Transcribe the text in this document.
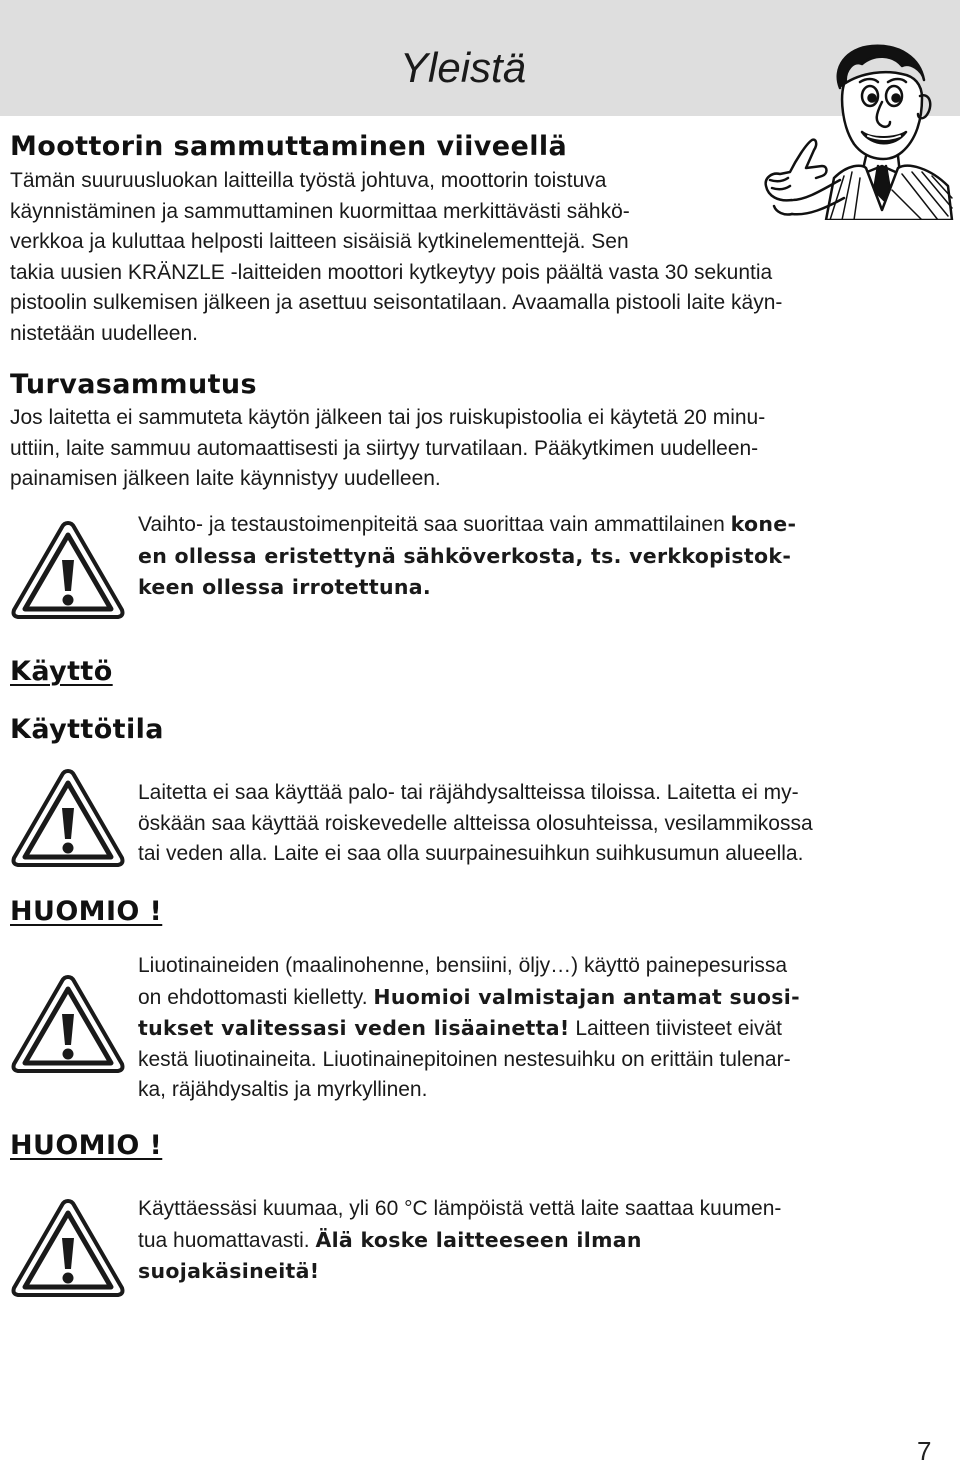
Yleistä
Moottorin sammuttaminen viiveellä
Tämän suuruusluokan laitteilla työstä johtuva, moottorin toistuva
käynnistäminen ja sammuttaminen kuormittaa merkittävästi sähkö-
verkkoa ja kuluttaa helposti laitteen sisäisiä kytkinelementtejä. Sen
takia uusien KRÄNZLE -laitteiden moottori kytkeytyy pois päältä vasta 30 sekuntia
pistoolin sulkemisen jälkeen ja asettuu seisontatilaan. Avaamalla pistooli laite käyn-
nistetään uudelleen.
Turvasammutus
Jos laitetta ei sammuteta käytön jälkeen tai jos ruiskupistoolia ei käytetä 20 minu-
uttiin, laite sammuu automaattisesti ja siirtyy turvatilaan. Pääkytkimen uudelleen-
painamisen jälkeen laite käynnistyy uudelleen.
Vaihto- ja testaustoimenpiteitä saa suorittaa vain ammattilainen kone-
en ollessa eristettynä sähköverkosta, ts. verkkopistok-
keen ollessa irrotettuna.
Käyttö
Käyttötila
Laitetta ei saa käyttää palo- tai räjähdysaltteissa tiloissa. Laitetta ei my-
öskään saa käyttää roiskevedelle altteissa olosuhteissa, vesilammikossa
tai veden alla. Laite ei saa olla suurpainesuihkun suihkusumun alueella.
HUOMIO !
Liuotinaineiden (maalinohenne, bensiini, öljy…) käyttö painepesurissa
on ehdottomasti kielletty. Huomioi valmistajan antamat suosi-
tukset valitessasi veden lisäainetta! Laitteen tiivisteet eivät
kestä liuotinaineita. Liuotinainepitoinen nestesuihku on erittäin tulenar-
ka, räjähdysaltis ja myrkyllinen.
HUOMIO !
Käyttäessäsi kuumaa, yli 60 °C lämpöistä vettä laite saattaa kuumen-
tua huomattavasti. Älä koske laitteeseen ilman
suojakäsineitä!
7
